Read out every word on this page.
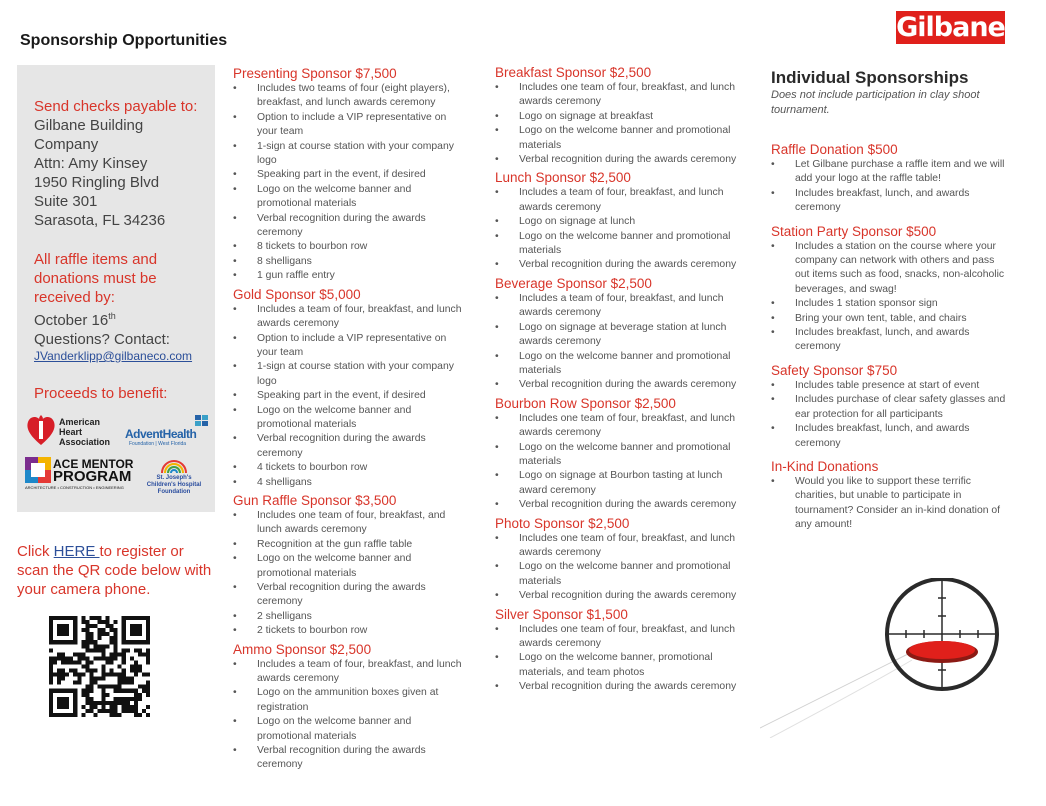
Gilbane
Sponsorship Opportunities
Send checks payable to:
Gilbane Building
Company
Attn: Amy Kinsey
1950 Ringling Blvd
Suite 301
Sarasota, FL 34236
All raffle items and
donations must be
received by:
October 16th
Questions? Contact:
JVanderklipp@gilbaneco.com
Proceeds to benefit:
American
Heart
Association
AdventHealth
Foundation | West Florida
ACE MENTOR
PROGRAM
ARCHITECTURE • CONSTRUCTION • ENGINEERING
St. Joseph's
Children's Hospital
Foundation
Click HERE to register or scan the QR code below with your camera phone.
Presenting Sponsor $7,500
• Includes two teams of four (eight players), breakfast, and lunch awards ceremony
• Option to include a VIP representative on your team
• 1-sign at course station with your company logo
• Speaking part in the event, if desired
• Logo on the welcome banner and promotional materials
• Verbal recognition during the awards ceremony
• 8 tickets to bourbon row
• 8 shelligans
• 1 gun raffle entry
Gold Sponsor $5,000
• Includes a team of four, breakfast, and lunch awards ceremony
• Option to include a VIP representative on your team
• 1-sign at course station with your company logo
• Speaking part in the event, if desired
• Logo on the welcome banner and promotional materials
• Verbal recognition during the awards ceremony
• 4 tickets to bourbon row
• 4 shelligans
Gun Raffle Sponsor $3,500
• Includes one team of four, breakfast, and lunch awards ceremony
• Recognition at the gun raffle table
• Logo on the welcome banner and promotional materials
• Verbal recognition during the awards ceremony
• 2 shelligans
• 2 tickets to bourbon row
Ammo Sponsor $2,500
• Includes a team of four, breakfast, and lunch awards ceremony
• Logo on the ammunition boxes given at registration
• Logo on the welcome banner and promotional materials
• Verbal recognition during the awards ceremony
Breakfast Sponsor $2,500
• Includes one team of four, breakfast, and lunch awards ceremony
• Logo on signage at breakfast
• Logo on the welcome banner and promotional materials
• Verbal recognition during the awards ceremony
Lunch Sponsor $2,500
• Includes a team of four, breakfast, and lunch awards ceremony
• Logo on signage at lunch
• Logo on the welcome banner and promotional materials
• Verbal recognition during the awards ceremony
Beverage Sponsor $2,500
• Includes a team of four, breakfast, and lunch awards ceremony
• Logo on signage at beverage station at lunch awards ceremony
• Logo on the welcome banner and promotional materials
• Verbal recognition during the awards ceremony
Bourbon Row Sponsor $2,500
• Includes one team of four, breakfast, and lunch awards ceremony
• Logo on the welcome banner and promotional materials
• Logo on signage at Bourbon tasting at lunch award ceremony
• Verbal recognition during the awards ceremony
Photo Sponsor $2,500
• Includes one team of four, breakfast, and lunch awards ceremony
• Logo on the welcome banner and promotional materials
• Verbal recognition during the awards ceremony
Silver Sponsor $1,500
• Includes one team of four, breakfast, and lunch awards ceremony
• Logo on the welcome banner, promotional materials, and team photos
• Verbal recognition during the awards ceremony
Individual Sponsorships
Does not include participation in clay shoot tournament.
Raffle Donation $500
• Let Gilbane purchase a raffle item and we will add your logo at the raffle table!
• Includes breakfast, lunch, and awards ceremony
Station Party Sponsor $500
• Includes a station on the course where your company can network with others and pass out items such as food, snacks, non-alcoholic beverages, and swag!
• Includes 1 station sponsor sign
• Bring your own tent, table, and chairs
• Includes breakfast, lunch, and awards ceremony
Safety Sponsor $750
• Includes table presence at start of event
• Includes purchase of clear safety glasses and ear protection for all participants
• Includes breakfast, lunch, and awards ceremony
In-Kind Donations
• Would you like to support these terrific charities, but unable to participate in tournament? Consider an in-kind donation of any amount!
